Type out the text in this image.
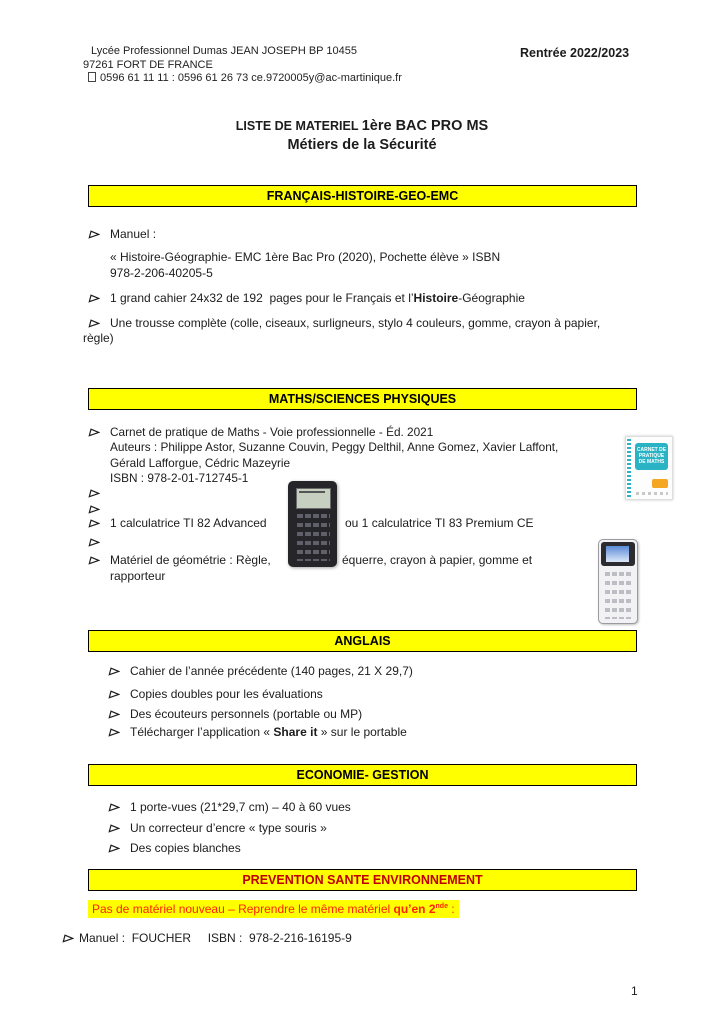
Lycée Professionnel Dumas JEAN JOSEPH BP 10455
97261 FORT DE FRANCE
0596 61 11 11 : 0596 61 26 73 ce.9720005y@ac-martinique.fr
Rentrée 2022/2023
LISTE DE MATERIEL 1ère BAC PRO MS
Métiers de la Sécurité
FRANÇAIS-HISTOIRE-GEO-EMC
Manuel :
« Histoire-Géographie- EMC 1ère Bac Pro (2020), Pochette élève » ISBN
978-2-206-40205-5
1 grand cahier 24x32 de 192  pages pour le Français et l’Histoire-Géographie
Une trousse complète (colle, ciseaux, surligneurs, stylo 4 couleurs, gomme, crayon à papier,
règle)
MATHS/SCIENCES PHYSIQUES
Carnet de pratique de Maths - Voie professionnelle - Éd. 2021
Auteurs : Philippe Astor, Suzanne Couvin, Peggy Delthil, Anne Gomez, Xavier Laffont,
Gérald Lafforgue, Cédric Mazeyrie
ISBN : 978-2-01-712745-1
1 calculatrice TI 82 Advanced	ou 1 calculatrice TI 83 Premium CE
Matériel de géométrie : Règle,	équerre, crayon à papier, gomme et
rapporteur
CARNET DE PRATIQUE DE MATHS
ANGLAIS
Cahier de l’année précédente (140 pages, 21 X 29,7)
Copies doubles pour les évaluations
Des écouteurs personnels (portable ou MP)
Télécharger l’application « Share it » sur le portable
ECONOMIE- GESTION
1 porte-vues (21*29,7 cm) – 40 à 60 vues
Un correcteur d’encre « type souris »
Des copies blanches
PREVENTION SANTE ENVIRONNEMENT
Pas de matériel nouveau – Reprendre le même matériel qu’en 2nde :
Manuel :  FOUCHER     ISBN :  978-2-216-16195-9
1
